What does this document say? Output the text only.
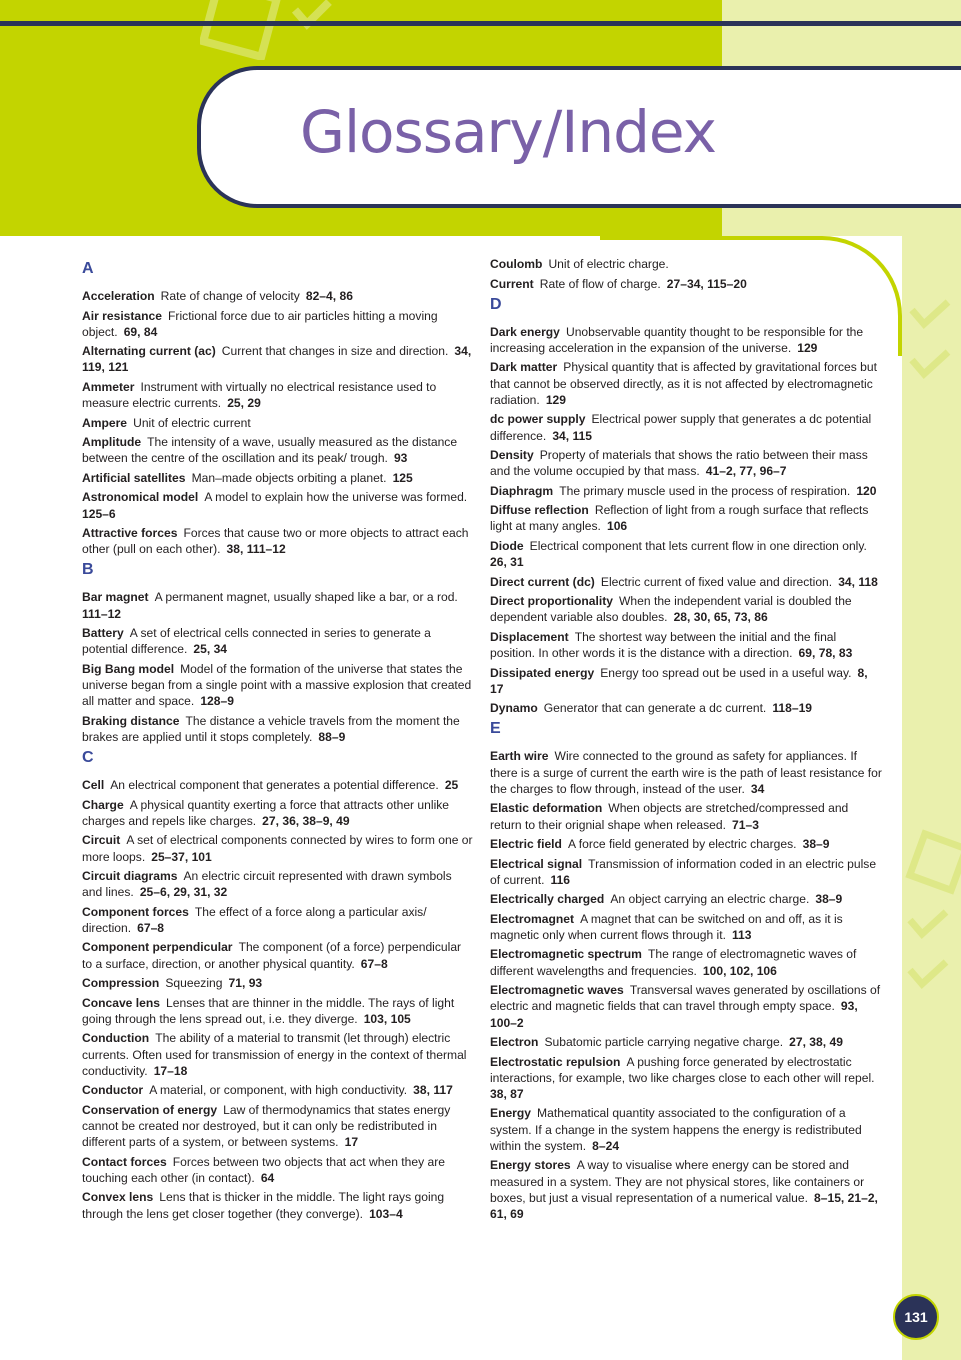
Glossary/Index
A
Acceleration  Rate of change of velocity  82–4, 86
Air resistance  Frictional force due to air particles hitting a moving object.  69, 84
Alternating current (ac)  Current that changes in size and direction.  34, 119, 121
Ammeter  Instrument with virtually no electrical resistance used to measure electric currents.  25, 29
Ampere  Unit of electric current
Amplitude  The intensity of a wave, usually measured as the distance between the centre of the oscillation and its peak/ trough.  93
Artificial satellites  Man–made objects orbiting a planet.  125
Astronomical model  A model to explain how the universe was formed. 125–6
Attractive forces  Forces that cause two or more objects to attract each other (pull on each other).  38, 111–12
B
Bar magnet  A permanent magnet, usually shaped like a bar, or a rod. 111–12
Battery  A set of electrical cells connected in series to generate a potential difference.  25, 34
Big Bang model  Model of the formation of the universe that states the universe began from a single point with a massive explosion that created all matter and space.  128–9
Braking distance  The distance a vehicle travels from the moment the brakes are applied until it stops completely.  88–9
C
Cell  An electrical component that generates a potential difference.  25
Charge  A physical quantity exerting a force that attracts other unlike charges and repels like charges.  27, 36, 38–9, 49
Circuit  A set of electrical components connected by wires to form one or more loops.  25–37, 101
Circuit diagrams  An electric circuit represented with drawn symbols and lines.  25–6, 29, 31, 32
Component forces  The effect of a force along a particular axis/ direction.  67–8
Component perpendicular  The component (of a force) perpendicular to a surface, direction, or another physical quantity.  67–8
Compression  Squeezing  71, 93
Concave lens  Lenses that are thinner in the middle. The rays of light going through the lens spread out, i.e. they diverge.  103, 105
Conduction  The ability of a material to transmit (let through) electric currents. Often used for transmission of energy in the context of thermal conductivity.  17–18
Conductor  A material, or component, with high conductivity.  38, 117
Conservation of energy  Law of thermodynamics that states energy cannot be created nor destroyed, but it can only be redistributed in different parts of a system, or between systems.  17
Contact forces  Forces between two objects that act when they are touching each other (in contact).  64
Convex lens  Lens that is thicker in the middle. The light rays going through the lens get closer together (they converge).  103–4
Coulomb  Unit of electric charge.
Current  Rate of flow of charge.  27–34, 115–20
D
Dark energy  Unobservable quantity thought to be responsible for the increasing acceleration in the expansion of the universe.  129
Dark matter  Physical quantity that is affected by gravitational forces but that cannot be observed directly, as it is not affected by electromagnetic radiation.  129
dc power supply  Electrical power supply that generates a dc potential difference.  34, 115
Density  Property of materials that shows the ratio between their mass and the volume occupied by that mass.  41–2, 77, 96–7
Diaphragm  The primary muscle used in the process of respiration.  120
Diffuse reflection  Reflection of light from a rough surface that reflects light at many angles.  106
Diode  Electrical component that lets current flow in one direction only. 26, 31
Direct current (dc)  Electric current of fixed value and direction.  34, 118
Direct proportionality  When the independent varial is doubled the dependent variable also doubles.  28, 30, 65, 73, 86
Displacement  The shortest way between the initial and the final position. In other words it is the distance with a direction.  69, 78, 83
Dissipated energy  Energy too spread out be used in a useful way.  8, 17
Dynamo  Generator that can generate a dc current.  118–19
E
Earth wire  Wire connected to the ground as safety for appliances. If there is a surge of current the earth wire is the path of least resistance for the charges to flow through, instead of the user.  34
Elastic deformation  When objects are stretched/compressed and return to their orignial shape when released.  71–3
Electric field  A force field generated by electric charges.  38–9
Electrical signal  Transmission of information coded in an electric pulse of current.  116
Electrically charged  An object carrying an electric charge.  38–9
Electromagnet  A magnet that can be switched on and off, as it is magnetic only when current flows through it.  113
Electromagnetic spectrum  The range of electromagnetic waves of different wavelengths and frequencies.  100, 102, 106
Electromagnetic waves  Transversal waves generated by oscillations of electric and magnetic fields that can travel through empty space.  93, 100–2
Electron  Subatomic particle carrying negative charge.  27, 38, 49
Electrostatic repulsion  A pushing force generated by electrostatic interactions, for example, two like charges close to each other will repel. 38, 87
Energy  Mathematical quantity associated to the configuration of a system. If a change in the system happens the energy is redistributed within the system.  8–24
Energy stores  A way to visualise where energy can be stored and measured in a system. They are not physical stores, like containers or boxes, but just a visual representation of a numerical value.  8–15, 21–2, 61, 69
131
